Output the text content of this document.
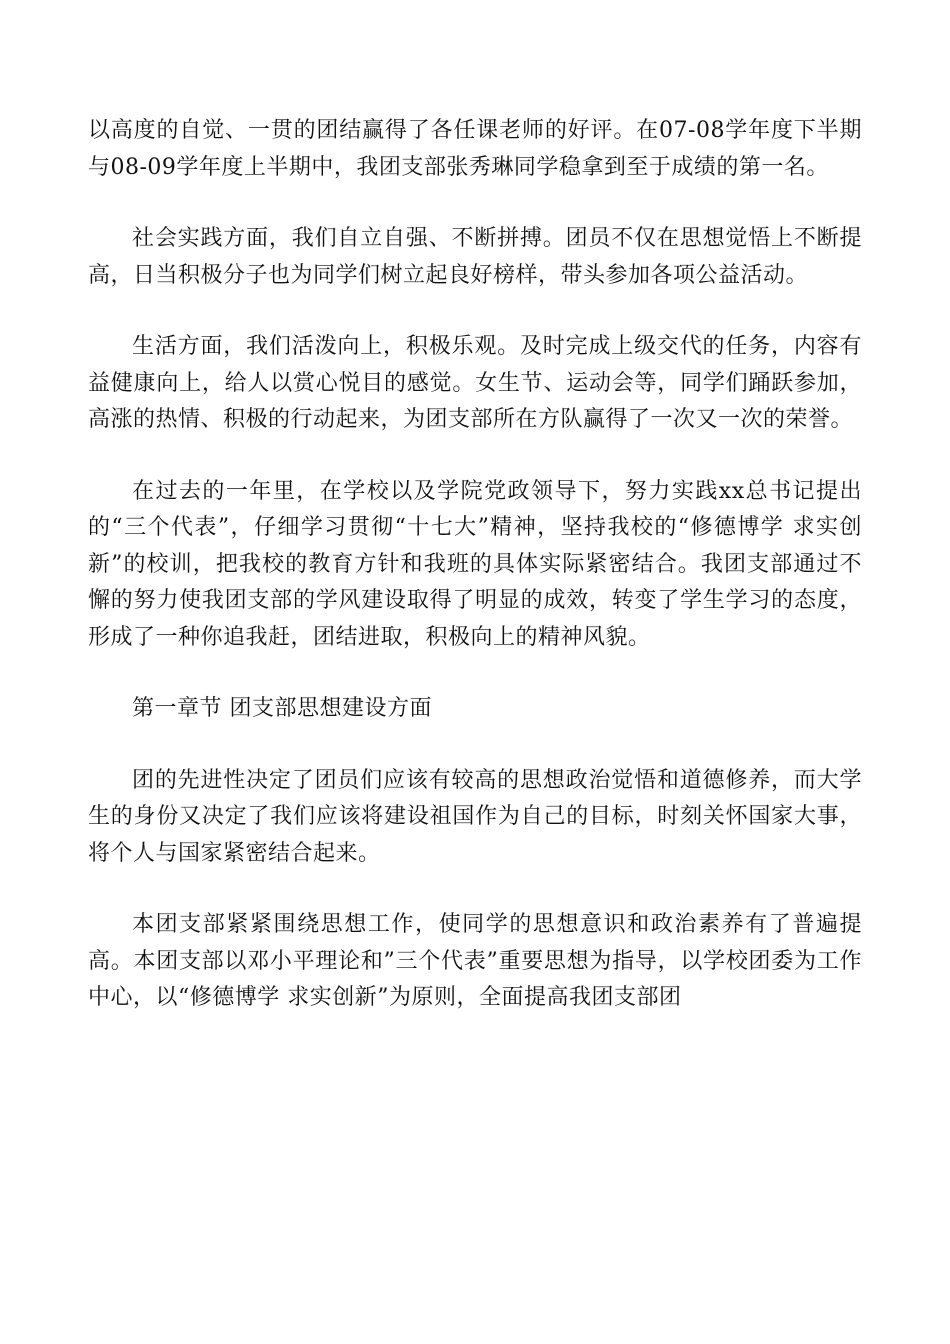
以高度的自觉、一贯的团结赢得了各任课老师的好评。在07-08学年度下半期与08-09学年度上半期中，我团支部张秀琳同学稳拿到至于成绩的第一名。

社会实践方面，我们自立自强、不断拼搏。团员不仅在思想觉悟上不断提高，日当积极分子也为同学们树立起良好榜样，带头参加各项公益活动。

生活方面，我们活泼向上，积极乐观。及时完成上级交代的任务，内容有益健康向上，给人以赏心悦目的感觉。女生节、运动会等，同学们踊跃参加，高涨的热情、积极的行动起来，为团支部所在方队赢得了一次又一次的荣誉。

在过去的一年里，在学校以及学院党政领导下，努力实践xx总书记提出的“三个代表”，仔细学习贯彻“十七大”精神，坚持我校的“修德博学 求实创新”的校训，把我校的教育方针和我班的具体实际紧密结合。我团支部通过不懈的努力使我团支部的学风建设取得了明显的成效，转变了学生学习的态度，形成了一种你追我赶，团结进取，积极向上的精神风貌。

第一章节 团支部思想建设方面

团的先进性决定了团员们应该有较高的思想政治觉悟和道德修养，而大学生的身份又决定了我们应该将建设祖国作为自己的目标，时刻关怀国家大事，将个人与国家紧密结合起来。

本团支部紧紧围绕思想工作，使同学的思想意识和政治素养有了普遍提高。本团支部以邓小平理论和”三个代表”重要思想为指导，以学校团委为工作中心，以“修德博学 求实创新”为原则，全面提高我团支部团
